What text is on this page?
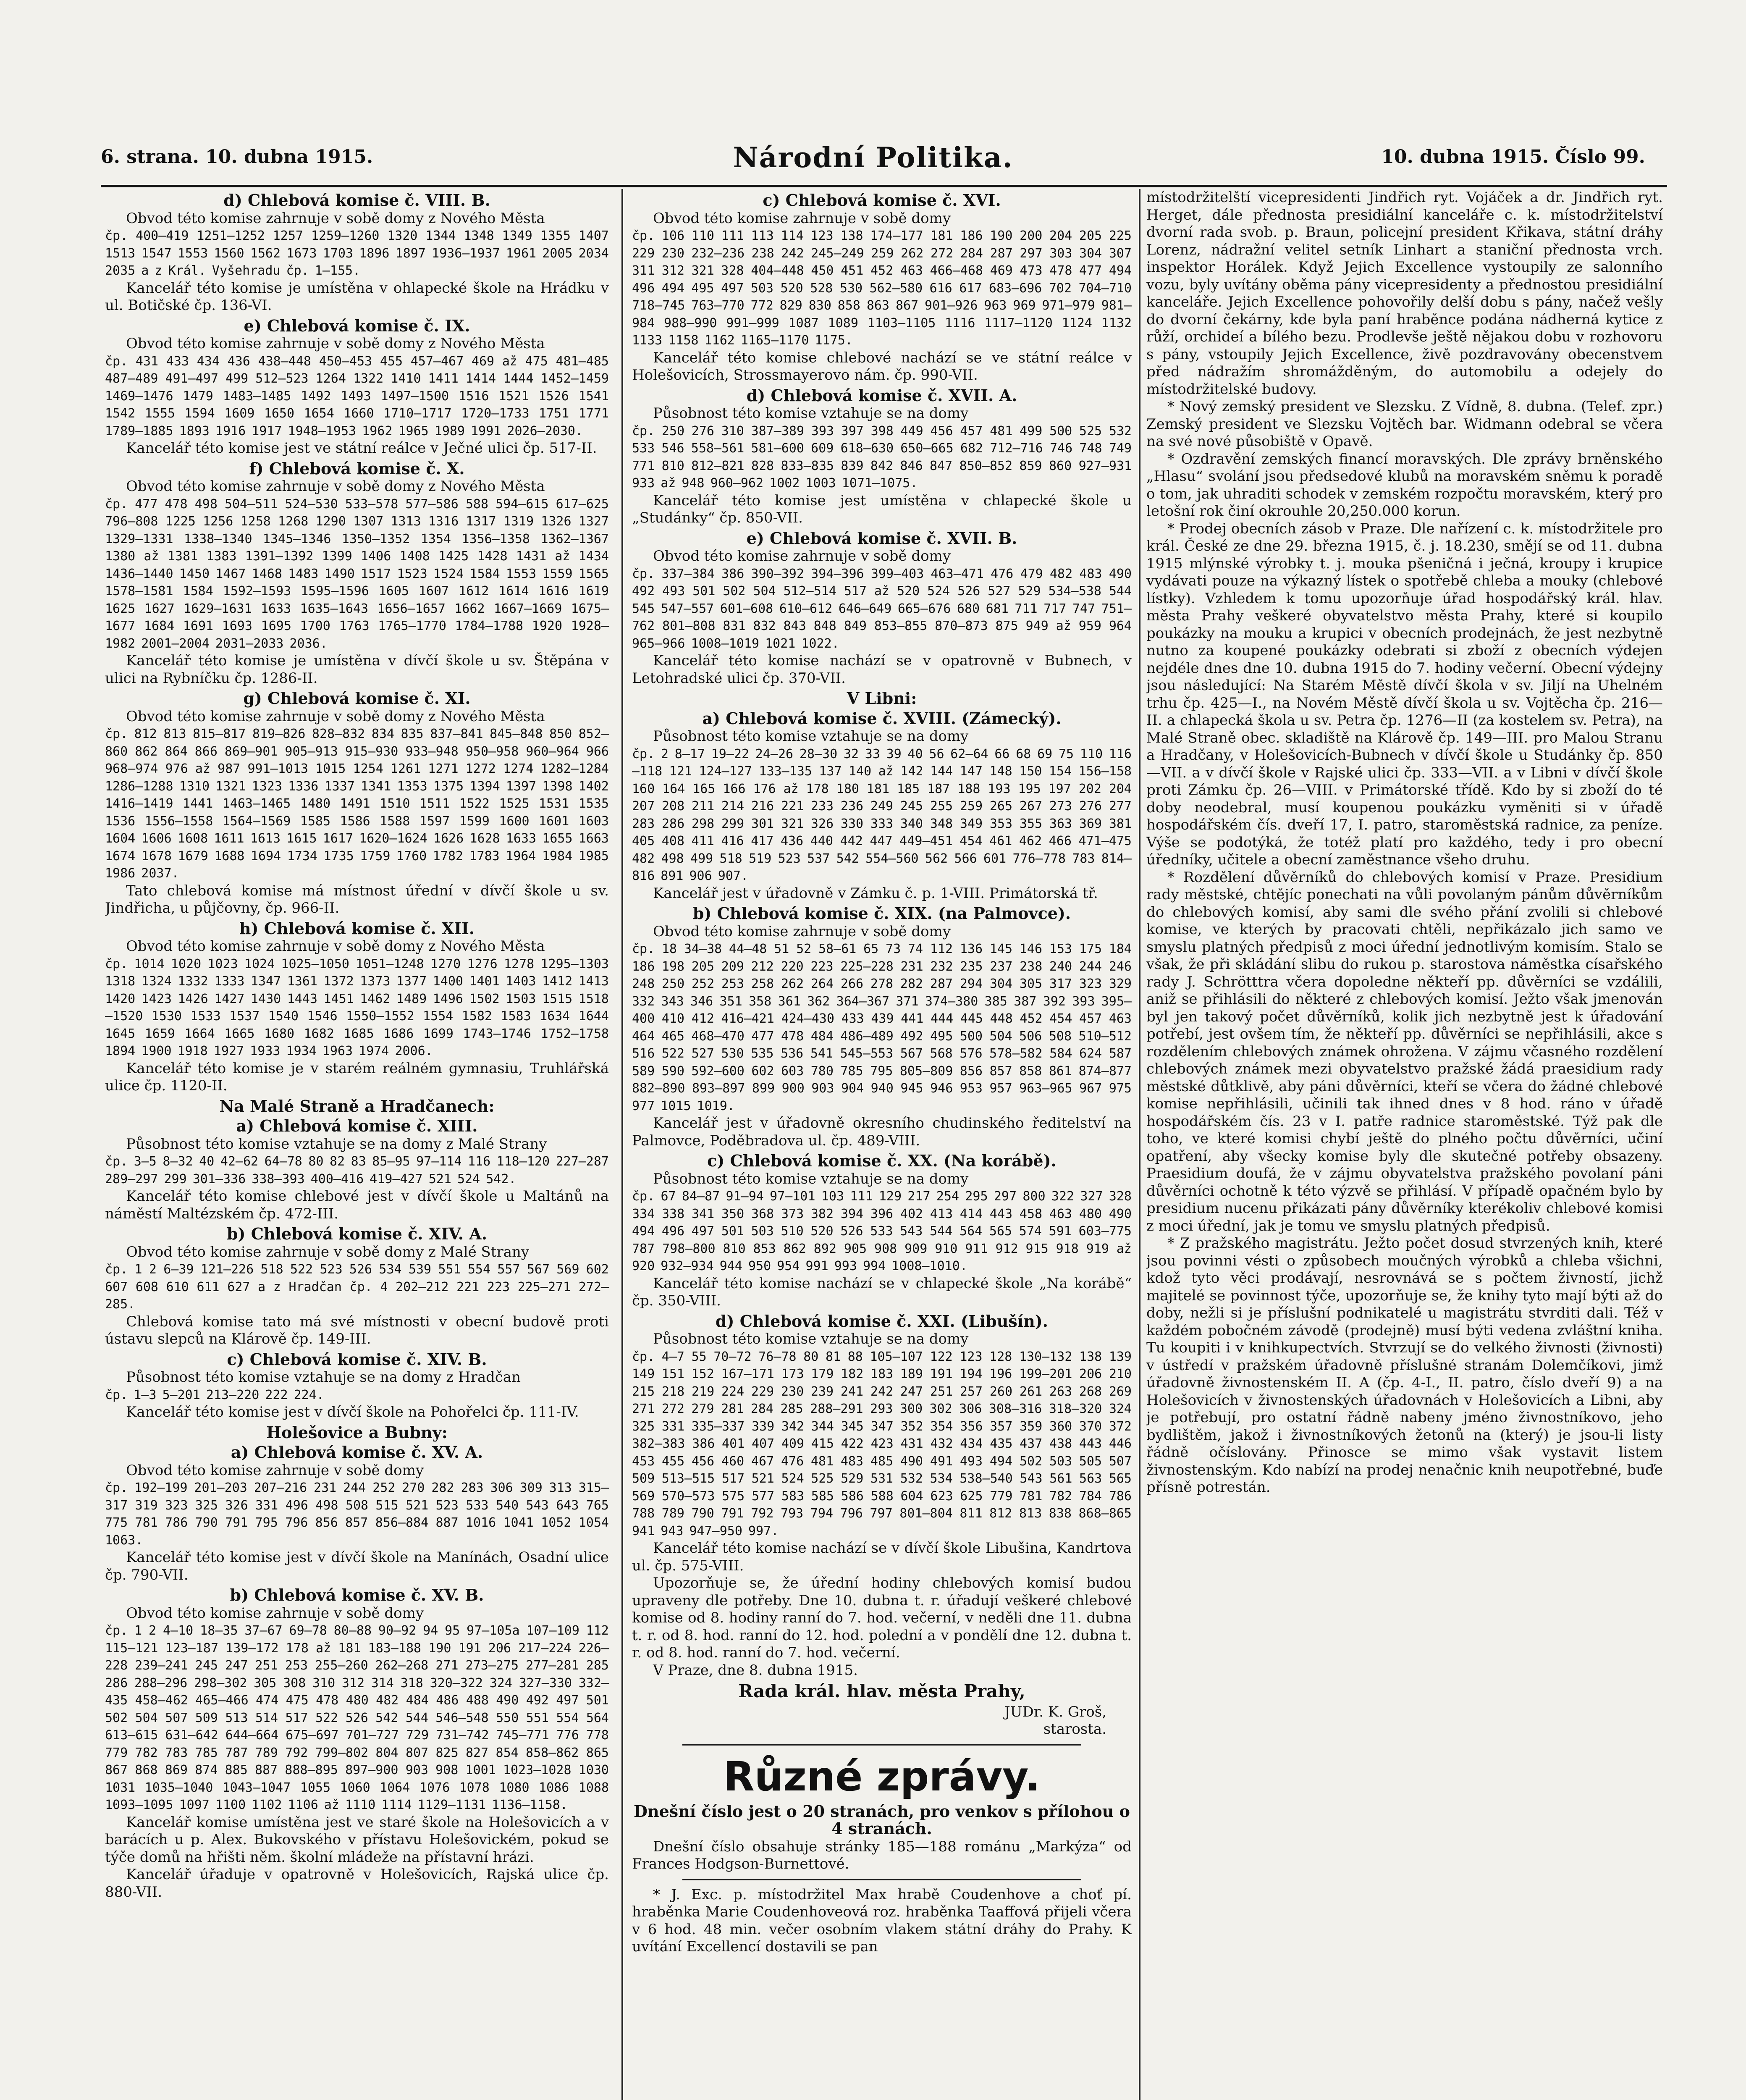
6. strana. 10. dubna 1915.	Národní Politika.	10. dubna 1915. Číslo 99.
d) Chlebová komise č. VIII. B.
Obvod této komise zahrnuje v sobě domy z Nového Města
čp. 400—419 1251—1252 1257 1259—1260 1320 1344 1348 1349 1355 1407 1513 1547 1553 1560 1562 1673 1703 1896 1897 1936—1937 1961 2005 2034 2035 a z Král. Vyšehradu čp. 1—155.
Kancelář této komise je umístěna v ohlapecké škole na Hrádku v ul. Botičské čp. 136-VI.
e) Chlebová komise č. IX.
Obvod této komise zahrnuje v sobě domy z Nového Města
čp. 431 433 434 436 438—448 450—453 455 457—467 469 až 475 481—485 487—489 491—497 499 512—523 1264 1322 1410 1411 1414 1444 1452—1459 1469—1476 1479 1483—1485 1492 1493 1497—1500 1516 1521 1526 1541 1542 1555 1594 1609 1650 1654 1660 1710—1717 1720—1733 1751 1771 1789—1885 1893 1916 1917 1948—1953 1962 1965 1989 1991 2026—2030.
Kancelář této komise jest ve státní reálce v Ječné ulici čp. 517-II.
f) Chlebová komise č. X.
Obvod této komise zahrnuje v sobě domy z Nového Města
čp. 477 478 498 504—511 524—530 533—578 577—586 588 594—615 617—625 796—808 1225 1256 1258 1268 1290 1307 1313 1316 1317 1319 1326 1327 1329—1331 1338—1340 1345—1346 1350—1352 1354 1356—1358 1362—1367 1380 až 1381 1383 1391—1392 1399 1406 1408 1425 1428 1431 až 1434 1436—1440 1450 1467 1468 1483 1490 1517 1523 1524 1584 1553 1559 1565 1578—1581 1584 1592—1593 1595—1596 1605 1607 1612 1614 1616 1619 1625 1627 1629—1631 1633 1635—1643 1656—1657 1662 1667—1669 1675—1677 1684 1691 1693 1695 1700 1763 1765—1770 1784—1788 1920 1928—1982 2001—2004 2031—2033 2036.
Kancelář této komise je umístěna v dívčí škole u sv. Štěpána v ulici na Rybníčku čp. 1286-II.
g) Chlebová komise č. XI.
Obvod této komise zahrnuje v sobě domy z Nového Města
čp. 812 813 815—817 819—826 828—832 834 835 837—841 845—848 850 852—860 862 864 866 869—901 905—913 915—930 933—948 950—958 960—964 966 968—974 976 až 987 991—1013 1015 1254 1261 1271 1272 1274 1282—1284 1286—1288 1310 1321 1323 1336 1337 1341 1353 1375 1394 1397 1398 1402 1416—1419 1441 1463—1465 1480 1491 1510 1511 1522 1525 1531 1535 1536 1556—1558 1564—1569 1585 1586 1588 1597 1599 1600 1601 1603 1604 1606 1608 1611 1613 1615 1617 1620—1624 1626 1628 1633 1655 1663 1674 1678 1679 1688 1694 1734 1735 1759 1760 1782 1783 1964 1984 1985 1986 2037.
Tato chlebová komise má místnost úřední v dívčí škole u sv. Jindřicha, u půjčovny, čp. 966-II.
h) Chlebová komise č. XII.
Obvod této komise zahrnuje v sobě domy z Nového Města
čp. 1014 1020 1023 1024 1025—1050 1051—1248 1270 1276 1278 1295—1303 1318 1324 1332 1333 1347 1361 1372 1373 1377 1400 1401 1403 1412 1413 1420 1423 1426 1427 1430 1443 1451 1462 1489 1496 1502 1503 1515 1518—1520 1530 1533 1537 1540 1546 1550—1552 1554 1582 1583 1634 1644 1645 1659 1664 1665 1680 1682 1685 1686 1699 1743—1746 1752—1758 1894 1900 1918 1927 1933 1934 1963 1974 2006.
Kancelář této komise je v starém reálném gymnasiu, Truhlářská ulice čp. 1120-II.
Na Malé Straně a Hradčanech:
a) Chlebová komise č. XIII.
Působnost této komise vztahuje se na domy z Malé Strany
čp. 3—5 8—32 40 42—62 64—78 80 82 83 85—95 97—114 116 118—120 227—287 289—297 299 301—336 338—393 400—416 419—427 521 524 542.
Kancelář této komise chlebové jest v dívčí škole u Maltánů na náměstí Maltézském čp. 472-III.
b) Chlebová komise č. XIV. A.
Obvod této komise zahrnuje v sobě domy z Malé Strany
čp. 1 2 6—39 121—226 518 522 523 526 534 539 551 554 557 567 569 602 607 608 610 611 627 a z Hradčan čp. 4 202—212 221 223 225—271 272—285.
Chlebová komise tato má své místnosti v obecní budově proti ústavu slepců na Klárově čp. 149-III.
c) Chlebová komise č. XIV. B.
Působnost této komise vztahuje se na domy z Hradčan
čp. 1—3 5—201 213—220 222 224.
Kancelář této komise jest v dívčí škole na Pohořelci čp. 111-IV.
Holešovice a Bubny:
a) Chlebová komise č. XV. A.
Obvod této komise zahrnuje v sobě domy
čp. 192—199 201—203 207—216 231 244 252 270 282 283 306 309 313 315—317 319 323 325 326 331 496 498 508 515 521 523 533 540 543 643 765 775 781 786 790 791 795 796 856 857 856—884 887 1016 1041 1052 1054 1063.
Kancelář této komise jest v dívčí škole na Manínách, Osadní ulice čp. 790-VII.
b) Chlebová komise č. XV. B.
Obvod této komise zahrnuje v sobě domy
čp. 1 2 4—10 18—35 37—67 69—78 80—88 90—92 94 95 97—105a 107—109 112 115—121 123—187 139—172 178 až 181 183—188 190 191 206 217—224 226—228 239—241 245 247 251 253 255—260 262—268 271 273—275 277—281 285 286 288—296 298—302 305 308 310 312 314 318 320—322 324 327—330 332—435 458—462 465—466 474 475 478 480 482 484 486 488 490 492 497 501 502 504 507 509 513 514 517 522 526 542 544 546—548 550 551 554 564 613—615 631—642 644—664 675—697 701—727 729 731—742 745—771 776 778 779 782 783 785 787 789 792 799—802 804 807 825 827 854 858—862 865 867 868 869 874 885 887 888—895 897—900 903 908 1001 1023—1028 1030 1031 1035—1040 1043—1047 1055 1060 1064 1076 1078 1080 1086 1088 1093—1095 1097 1100 1102 1106 až 1110 1114 1129—1131 1136—1158.
Kancelář komise umístěna jest ve staré škole na Holešovicích a v barácích u p. Alex. Bukovského v přístavu Holešovickém, pokud se týče domů na hřišti něm. školní mládeže na přístavní hrázi.
Kancelář úřaduje v opatrovně v Holešovicích, Rajská ulice čp. 880-VII.
c) Chlebová komise č. XVI.
Obvod této komise zahrnuje v sobě domy
čp. 106 110 111 113 114 123 138 174—177 181 186 190 200 204 205 225 229 230 232—236 238 242 245—249 259 262 272 284 287 297 303 304 307 311 312 321 328 404—448 450 451 452 463 466—468 469 473 478 477 494 496 494 495 497 503 520 528 530 562—580 616 617 683—696 702 704—710 718—745 763—770 772 829 830 858 863 867 901—926 963 969 971—979 981—984 988—990 991—999 1087 1089 1103—1105 1116 1117—1120 1124 1132 1133 1158 1162 1165—1170 1175.
Kancelář této komise chlebové nachází se ve státní reálce v Holešovicích, Strossmayerovo nám. čp. 990-VII.
d) Chlebová komise č. XVII. A.
Působnost této komise vztahuje se na domy
čp. 250 276 310 387—389 393 397 398 449 456 457 481 499 500 525 532 533 546 558—561 581—600 609 618—630 650—665 682 712—716 746 748 749 771 810 812—821 828 833—835 839 842 846 847 850—852 859 860 927—931 933 až 948 960—962 1002 1003 1071—1075.
Kancelář této komise jest umístěna v chlapecké škole u „Studánky“ čp. 850-VII.
e) Chlebová komise č. XVII. B.
Obvod této komise zahrnuje v sobě domy
čp. 337—384 386 390—392 394—396 399—403 463—471 476 479 482 483 490 492 493 501 502 504 512—514 517 až 520 524 526 527 529 534—538 544 545 547—557 601—608 610—612 646—649 665—676 680 681 711 717 747 751—762 801—808 831 832 843 848 849 853—855 870—873 875 949 až 959 964 965—966 1008—1019 1021 1022.
Kancelář této komise nachází se v opatrovně v Bubnech, v Letohradské ulici čp. 370-VII.
V Libni:
a) Chlebová komise č. XVIII. (Zámecký).
Působnost této komise vztahuje se na domy
čp. 2 8—17 19—22 24—26 28—30 32 33 39 40 56 62—64 66 68 69 75 110 116—118 121 124—127 133—135 137 140 až 142 144 147 148 150 154 156—158 160 164 165 166 176 až 178 180 181 185 187 188 193 195 197 202 204 207 208 211 214 216 221 233 236 249 245 255 259 265 267 273 276 277 283 286 298 299 301 321 326 330 333 340 348 349 353 355 363 369 381 405 408 411 416 417 436 440 442 447 449—451 454 461 462 466 471—475 482 498 499 518 519 523 537 542 554—560 562 566 601 776—778 783 814—816 891 906 907.
Kancelář jest v úřadovně v Zámku č. p. 1-VIII. Primátorská tř.
b) Chlebová komise č. XIX. (na Palmovce).
Obvod této komise zahrnuje v sobě domy
čp. 18 34—38 44—48 51 52 58—61 65 73 74 112 136 145 146 153 175 184 186 198 205 209 212 220 223 225—228 231 232 235 237 238 240 244 246 248 250 252 253 258 262 264 266 278 282 287 294 304 305 317 323 329 332 343 346 351 358 361 362 364—367 371 374—380 385 387 392 393 395—400 410 412 416—421 424—430 433 439 441 444 445 448 452 454 457 463 464 465 468—470 477 478 484 486—489 492 495 500 504 506 508 510—512 516 522 527 530 535 536 541 545—553 567 568 576 578—582 584 624 587 589 590 592—600 602 603 780 785 795 805—809 856 857 858 861 874—877 882—890 893—897 899 900 903 904 940 945 946 953 957 963—965 967 975 977 1015 1019.
Kancelář jest v úřadovně okresního chudinského ředitelství na Palmovce, Poděbradova ul. čp. 489-VIII.
c) Chlebová komise č. XX. (Na korábě).
Působnost této komise vztahuje se na domy
čp. 67 84—87 91—94 97—101 103 111 129 217 254 295 297 800 322 327 328 334 338 341 350 368 373 382 394 396 402 413 414 443 458 463 480 490 494 496 497 501 503 510 520 526 533 543 544 564 565 574 591 603—775 787 798—800 810 853 862 892 905 908 909 910 911 912 915 918 919 až 920 932—934 944 950 954 991 993 994 1008—1010.
Kancelář této komise nachází se v chlapecké škole „Na korábě“ čp. 350-VIII.
d) Chlebová komise č. XXI. (Libušín).
Působnost této komise vztahuje se na domy
čp. 4—7 55 70—72 76—78 80 81 88 105—107 122 123 128 130—132 138 139 149 151 152 167—171 173 179 182 183 189 191 194 196 199—201 206 210 215 218 219 224 229 230 239 241 242 247 251 257 260 261 263 268 269 271 272 279 281 284 285 288—291 293 300 302 306 308—316 318—320 324 325 331 335—337 339 342 344 345 347 352 354 356 357 359 360 370 372 382—383 386 401 407 409 415 422 423 431 432 434 435 437 438 443 446 453 455 456 460 467 476 481 483 485 490 491 493 494 502 503 505 507 509 513—515 517 521 524 525 529 531 532 534 538—540 543 561 563 565 569 570—573 575 577 583 585 586 588 604 623 625 779 781 782 784 786 788 789 790 791 792 793 794 796 797 801—804 811 812 813 838 868—865 941 943 947—950 997.
Kancelář této komise nachází se v dívčí škole Libušina, Kandrtova ul. čp. 575-VIII.
Upozorňuje se, že úřední hodiny chlebových komisí budou upraveny dle potřeby. Dne 10. dubna t. r. úřadují veškeré chlebové komise od 8. hodiny ranní do 7. hod. večerní, v neděli dne 11. dubna t. r. od 8. hod. ranní do 12. hod. polední a v pondělí dne 12. dubna t. r. od 8. hod. ranní do 7. hod. večerní.
V Praze, dne 8. dubna 1915.
Rada král. hlav. města Prahy,
JUDr. K. Groš,
starosta.
Různé zprávy.
Dnešní číslo jest o 20 stranách, pro venkov s přílohou o 4 stranách.
Dnešní číslo obsahuje stránky 185—188 románu „Markýza“ od Frances Hodgson-Burnettové.
* J. Exc. p. místodržitel Max hrabě Coudenhove a choť pí. hraběnka Marie Coudenhoveová roz. hraběnka Taaffová přijeli včera v 6 hod. 48 min. večer osobním vlakem státní dráhy do Prahy. K uvítání Excellencí dostavili se pan
místodržitelští vicepresidenti Jindřich ryt. Vojáček a dr. Jindřich ryt. Herget, dále přednosta presidiální kanceláře c. k. místodržitelství dvorní rada svob. p. Braun, policejní president Křikava, státní dráhy Lorenz, nádražní velitel setník Linhart a staniční přednosta vrch. inspektor Horálek. Když Jejich Excellence vystoupily ze salonního vozu, byly uvítány oběma pány vicepresidenty a přednostou presidiální kanceláře. Jejich Excellence pohovořily delší dobu s pány, načež vešly do dvorní čekárny, kde byla paní hraběnce podána nádherná kytice z růží, orchideí a bílého bezu. Prodlevše ještě nějakou dobu v rozhovoru s pány, vstoupily Jejich Excellence, živě pozdravovány obecenstvem před nádražím shromážděným, do automobilu a odejely do místodržitelské budovy.
* Nový zemský president ve Slezsku. Z Vídně, 8. dubna. (Telef. zpr.) Zemský president ve Slezsku Vojtěch bar. Widmann odebral se včera na své nové působiště v Opavě.
* Ozdravění zemských financí moravských. Dle zprávy brněnského „Hlasu“ svolání jsou předsedové klubů na moravském sněmu k poradě o tom, jak uhraditi schodek v zemském rozpočtu moravském, který pro letošní rok činí okrouhle 20,250.000 korun.
* Prodej obecních zásob v Praze. Dle nařízení c. k. místodržitele pro král. České ze dne 29. března 1915, č. j. 18.230, smějí se od 11. dubna 1915 mlýnské výrobky t. j. mouka pšeničná i ječná, kroupy i krupice vydávati pouze na výkazný lístek o spotřebě chleba a mouky (chlebové lístky). Vzhledem k tomu upozorňuje úřad hospodářský král. hlav. města Prahy veškeré obyvatelstvo města Prahy, které si koupilo poukázky na mouku a krupici v obecních prodejnách, že jest nezbytně nutno za koupené poukázky odebrati si zboží z obecních výdejen nejdéle dnes dne 10. dubna 1915 do 7. hodiny večerní. Obecní výdejny jsou následující: Na Starém Městě dívčí škola v sv. Jiljí na Uhelném trhu čp. 425—I., na Novém Městě dívčí škola u sv. Vojtěcha čp. 216—II. a chlapecká škola u sv. Petra čp. 1276—II (za kostelem sv. Petra), na Malé Straně obec. skladiště na Klárově čp. 149—III. pro Malou Stranu a Hradčany, v Holešovicích-Bubnech v dívčí škole u Studánky čp. 850—VII. a v dívčí škole v Rajské ulici čp. 333—VII. a v Libni v dívčí škole proti Zámku čp. 26—VIII. v Primátorské třídě. Kdo by si zboží do té doby neodebral, musí koupenou poukázku vyměniti si v úřadě hospodářském čís. dveří 17, I. patro, staroměstská radnice, za peníze. Výše se podotýká, že totéž platí pro každého, tedy i pro obecní úředníky, učitele a obecní zaměstnance všeho druhu.
* Rozdělení důvěrníků do chlebových komisí v Praze. Presidium rady městské, chtějíc ponechati na vůli povolaným pánům důvěrníkům do chlebových komisí, aby sami dle svého přání zvolili si chlebové komise, ve kterých by pracovati chtěli, nepřikázalo jich samo ve smyslu platných předpisů z moci úřední jednotlivým komisím. Stalo se však, že při skládání slibu do rukou p. starostova náměstka císařského rady J. Schrötttra včera dopoledne někteří pp. důvěrníci se vzdálili, aniž se přihlásili do některé z chlebových komisí. Ježto však jmenován byl jen takový počet důvěrníků, kolik jich nezbytně jest k úřadování potřebí, jest ovšem tím, že někteří pp. důvěrníci se nepřihlásili, akce s rozdělením chlebových známek ohrožena. V zájmu včasného rozdělení chlebových známek mezi obyvatelstvo pražské žádá praesidium rady městské důtklivě, aby páni důvěrníci, kteří se včera do žádné chlebové komise nepřihlásili, učinili tak ihned dnes v 8 hod. ráno v úřadě hospodářském čís. 23 v I. patře radnice staroměstské. Týž pak dle toho, ve které komisi chybí ještě do plného počtu důvěrníci, učiní opatření, aby všecky komise byly dle skutečné potřeby obsazeny. Praesidium doufá, že v zájmu obyvatelstva pražského povolaní páni důvěrníci ochotně k této výzvě se přihlásí. V případě opačném bylo by presidium nucenu přikázati pány důvěrníky kterékoliv chlebové komisi z moci úřední, jak je tomu ve smyslu platných předpisů.
* Z pražského magistrátu. Ježto počet dosud stvrzených knih, které jsou povinni vésti o způsobech moučných výrobků a chleba všichni, kdož tyto věci prodávají, nesrovnává se s počtem živností, jichž majitelé se povinnost týče, upozorňuje se, že knihy tyto mají býti až do doby, nežli si je příslušní podnikatelé u magistrátu stvrditi dali. Též v každém pobočném závodě (prodejně) musí býti vedena zvláštní kniha. Tu koupiti i v knihkupectvích. Stvrzují se do velkého živnosti (živnosti) v ústředí v pražském úřadovně příslušné stranám Dolemčíkovi, jimž úřadovně živnostenském II. A (čp. 4-I., II. patro, číslo dveří 9) a na Holešovicích v živnostenských úřadovnách v Holešovicích a Libni, aby je potřebují, pro ostatní řádně nabeny jméno živnostníkovo, jeho bydlištěm, jakož i živnostníkových žetonů na (který) je jsou-li listy řádně očíslovány. Přinosce se mimo však vystavit listem živnostenským. Kdo nabízí na prodej nenačnic knih neupotřebné, buďe přísně potrestán.
